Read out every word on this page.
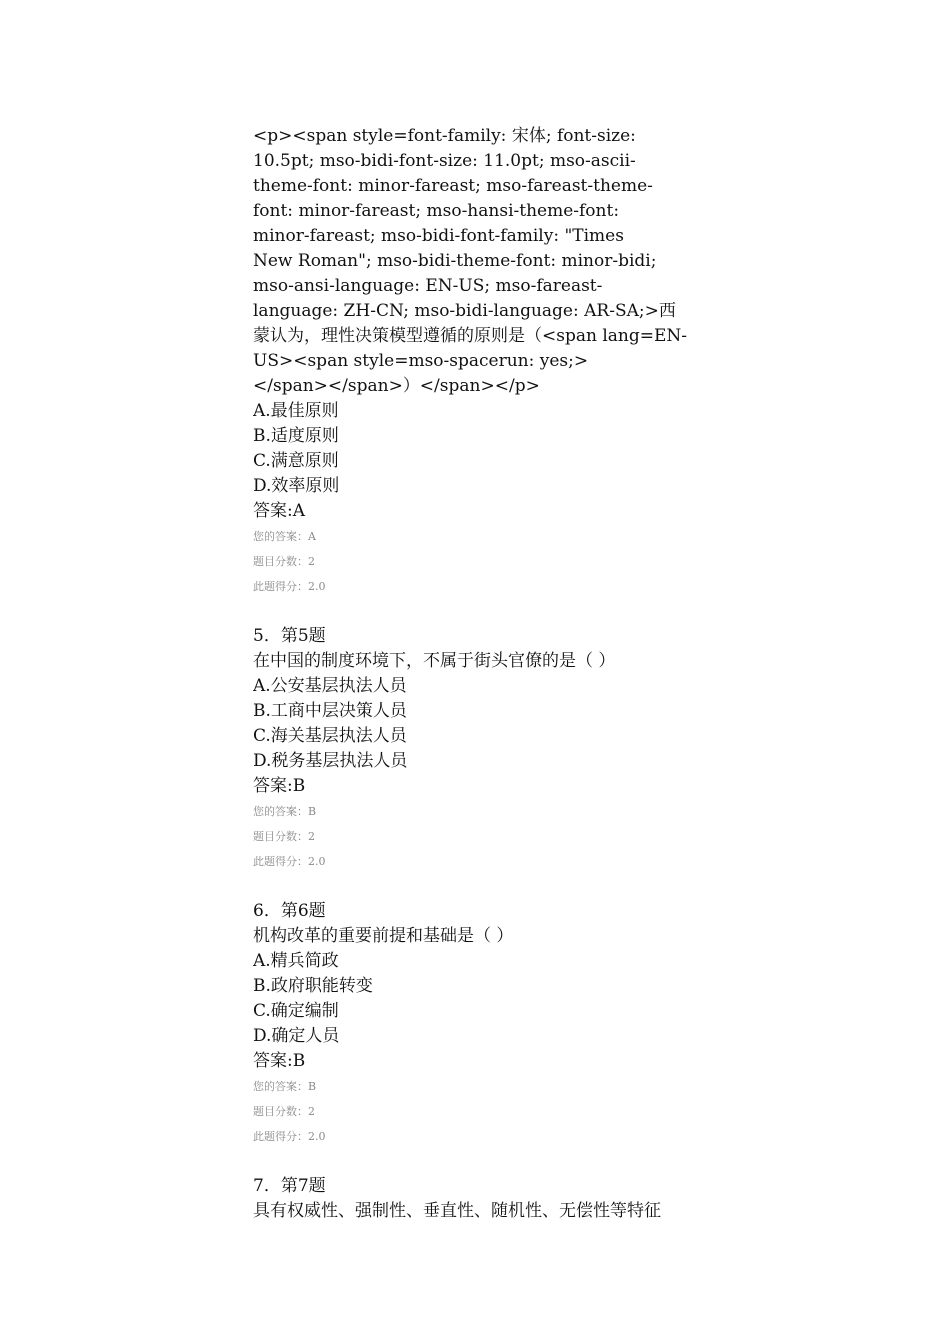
<p><span style=font-family: 宋体; font-size:
10.5pt; mso-bidi-font-size: 11.0pt; mso-ascii-
theme-font: minor-fareast; mso-fareast-theme-
font: minor-fareast; mso-hansi-theme-font:
minor-fareast; mso-bidi-font-family: "Times
New Roman"; mso-bidi-theme-font: minor-bidi;
mso-ansi-language: EN-US; mso-fareast-
language: ZH-CN; mso-bidi-language: AR-SA;>西
蒙认为，理性决策模型遵循的原则是（<span lang=EN-
US><span style=mso-spacerun: yes;>
</span></span>）</span></p>
A.最佳原则
B.适度原则
C.满意原则
D.效率原则
答案:A
您的答案：A
题目分数：2
此题得分：2.0
5．第5题
在中国的制度环境下，不属于街头官僚的是（ ）
A.公安基层执法人员
B.工商中层决策人员
C.海关基层执法人员
D.税务基层执法人员
答案:B
您的答案：B
题目分数：2
此题得分：2.0
6．第6题
机构改革的重要前提和基础是（ ）
A.精兵简政
B.政府职能转变
C.确定编制
D.确定人员
答案:B
您的答案：B
题目分数：2
此题得分：2.0
7．第7题
具有权威性、强制性、垂直性、随机性、无偿性等特征
